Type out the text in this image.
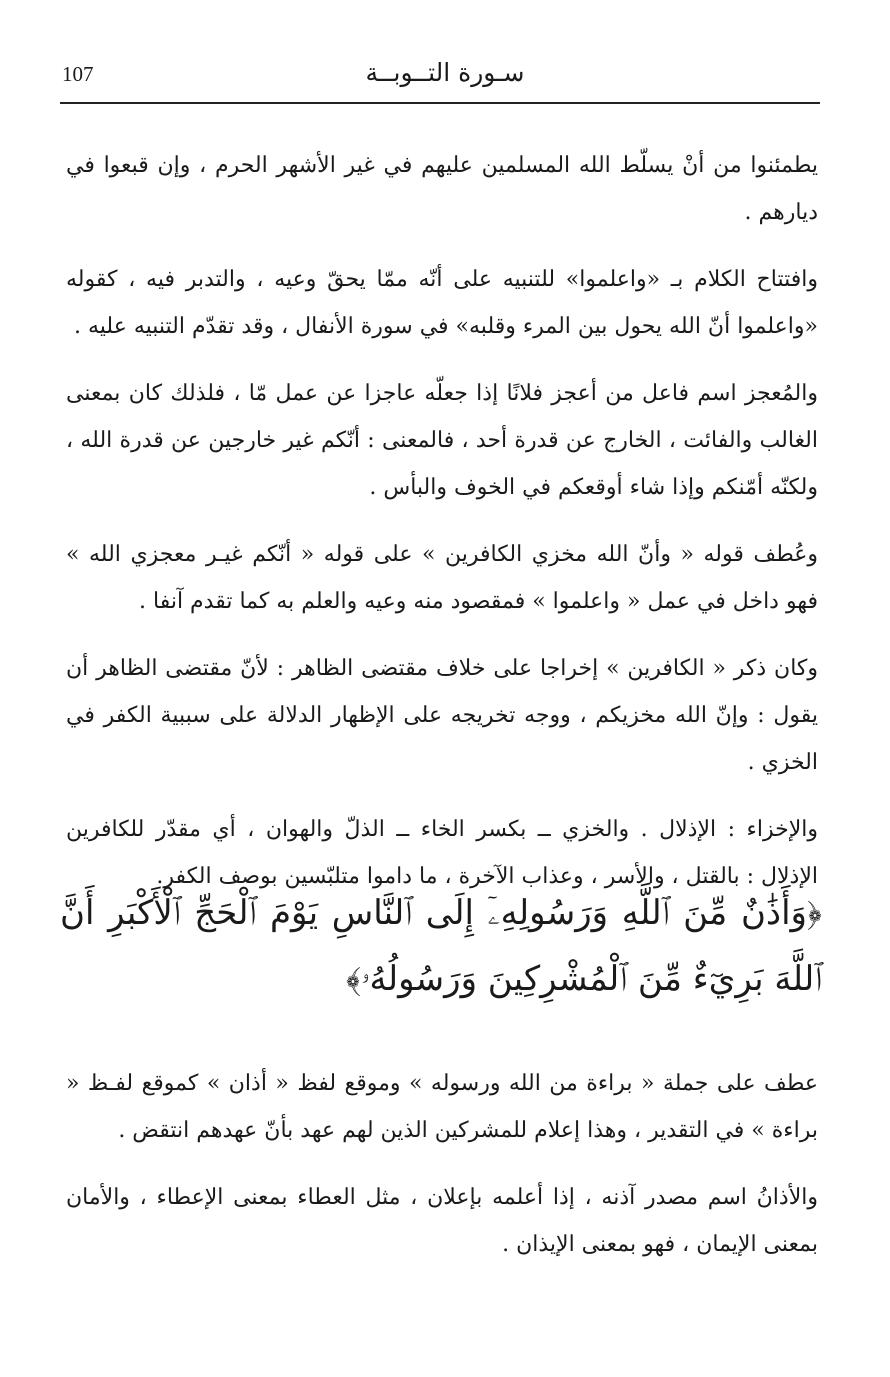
107	سـورة التــوبــة

يطمئنوا من أنْ يسلّط الله المسلمين عليهم في غير الأشهر الحرم ، وإن قبعوا في ديارهم .

وافتتاح الكلام بـ «واعلموا» للتنبيه على أنّه ممّا يحقّ وعيه ، والتدبر فيه ، كقوله «واعلموا أنّ الله يحول بين المرء وقلبه» في سورة الأنفال ، وقد تقدّم التنبيه عليه .

والمُعجز اسم فاعل من أعجز فلانًا إذا جعلّه عاجزا عن عمل مّا ، فلذلك كان بمعنى الغالب والفائت ، الخارج عن قدرة أحد ، فالمعنى : أنّكم غير خارجين عن قدرة الله ، ولكنّه أمّنكم وإذا شاء أوقعكم في الخوف والبأس .

وعُطف قوله « وأنّ الله مخزي الكافرين » على قوله « أنّكم غيـر معجزي الله » فهو داخل في عمل « واعلموا » فمقصود منه وعيه والعلم به كما تقدم آنفا .

وكان ذكر « الكافرين » إخراجا على خلاف مقتضى الظاهر : لأنّ مقتضى الظاهر أن يقول : وإنّ الله مخزيكم ، ووجه تخريجه على الإظهار الدلالة على سببية الكفر في الخزي .

والإخزاء : الإذلال . والخزي ــ بكسر الخاء ــ الذلّ والهوان ، أي مقدّر للكافرين الإذلال : بالقتل ، والأسر ، وعذاب الآخرة ، ما داموا متلبّسين بوصف الكفر.

﴿وَأَذَٰنٌ مِّنَ ٱللَّهِ وَرَسُولِهِۦٓ إِلَى ٱلنَّاسِ يَوْمَ ٱلْحَجِّ ٱلْأَكْبَرِ أَنَّ ٱللَّهَ بَرِيٓءٌ مِّنَ ٱلْمُشْرِكِينَ وَرَسُولُهُۥ﴾

عطف على جملة « براءة من الله ورسوله » وموقع لفظ « أذان » كموقع لفـظ « براءة » في التقدير ، وهذا إعلام للمشركين الذين لهم عهد بأنّ عهدهم انتقض .

والأذانُ اسم مصدر آذنه ، إذا أعلمه بإعلان ، مثل العطاء بمعنى الإعطاء ، والأمان بمعنى الإيمان ، فهو بمعنى الإيذان .
